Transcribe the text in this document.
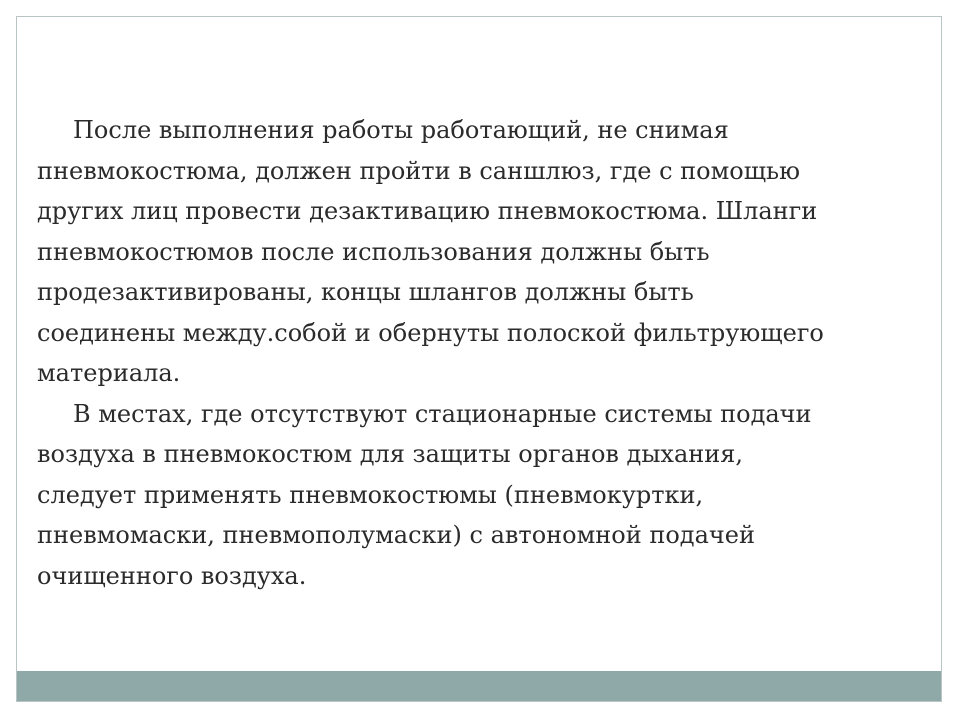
После выполнения работы работающий, не снимая
пневмокостюма, должен пройти в саншлюз, где с помощью
других лиц провести дезактивацию пневмокостюма. Шланги
пневмокостюмов после использования должны быть
продезактивированы, концы шлангов должны быть
соединены между.собой и обернуты полоской фильтрующего
материала.

В местах, где отсутствуют стационарные системы подачи
воздуха в пневмокостюм для защиты органов дыхания,
следует применять пневмокостюмы (пневмокуртки,
пневмомаски, пневмополумаски) с автономной подачей
очищенного воздуха.
